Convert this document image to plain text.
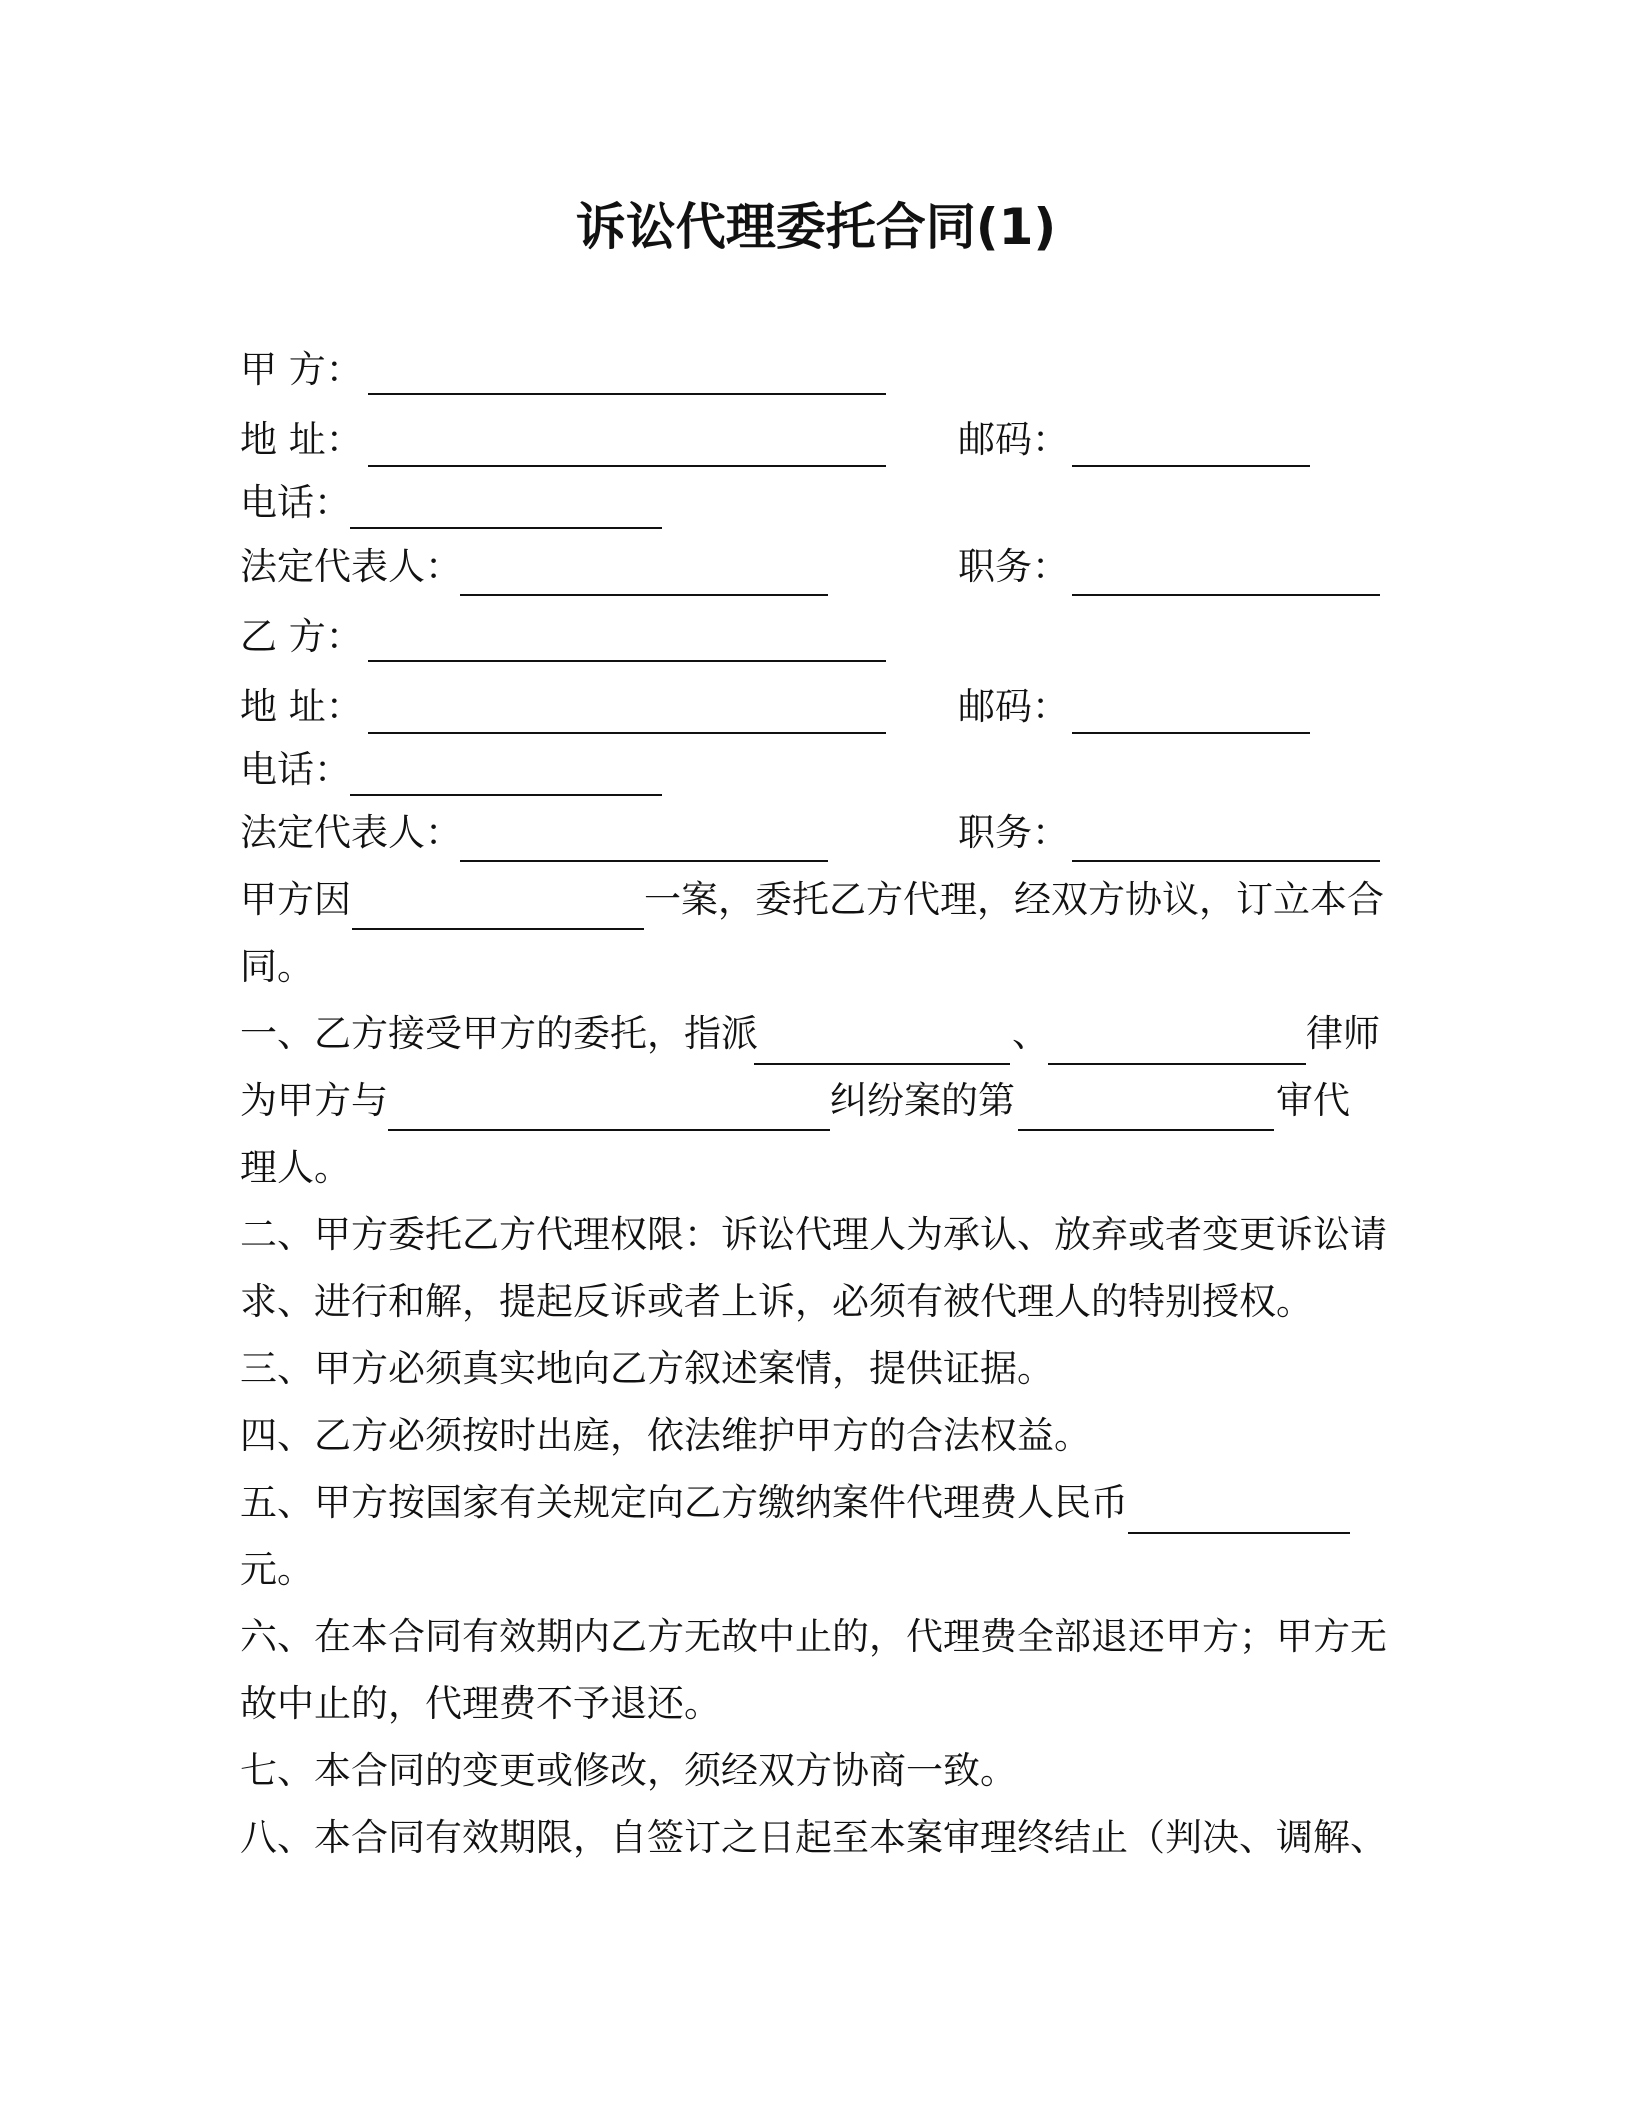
诉讼代理委托合同(1)
甲 方：
地 址：	邮码：
电话：
法定代表人：	职务：
乙 方：
地 址：	邮码：
电话：
法定代表人：	职务：
甲方因	一案，委托乙方代理，经双方协议，订立本合
同。
一、乙方接受甲方的委托，指派	、	律师
为甲方与	纠纷案的第	审代
理人。
二、甲方委托乙方代理权限：诉讼代理人为承认、放弃或者变更诉讼请
求、进行和解，提起反诉或者上诉，必须有被代理人的特别授权。
三、甲方必须真实地向乙方叙述案情，提供证据。
四、乙方必须按时出庭，依法维护甲方的合法权益。
五、甲方按国家有关规定向乙方缴纳案件代理费人民币
元。
六、在本合同有效期内乙方无故中止的，代理费全部退还甲方；甲方无
故中止的，代理费不予退还。
七、本合同的变更或修改，须经双方协商一致。
八、本合同有效期限，自签订之日起至本案审理终结止（判决、调解、
